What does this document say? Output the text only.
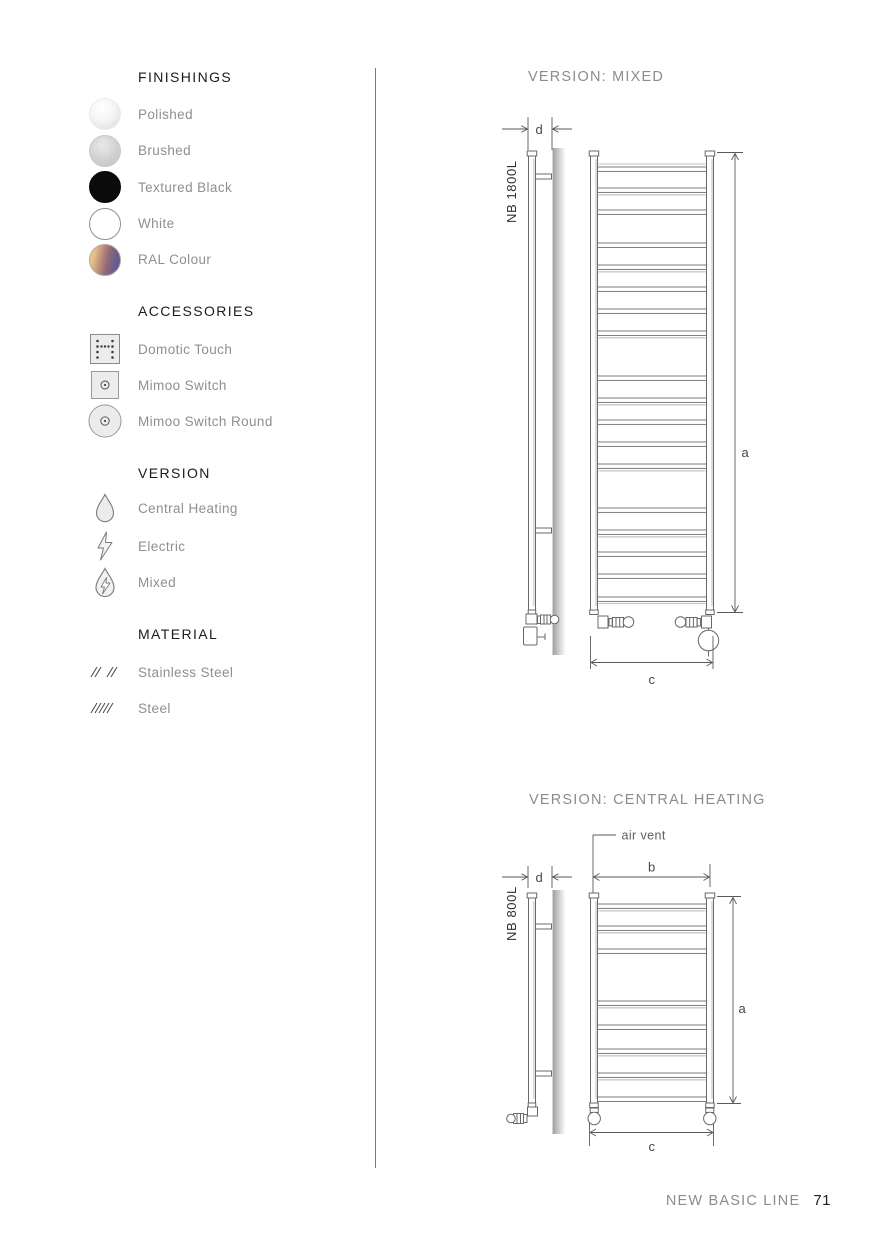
FINISHINGS
Polished
Brushed
Textured Black
White
RAL Colour
ACCESSORIES
Domotic Touch
Mimoo Switch
Mimoo Switch Round
VERSION
Central Heating
Electric
Mixed
MATERIAL
Stainless Steel
Steel
VERSION: MIXED
d
NB 1800L
a
c
VERSION: CENTRAL HEATING
air vent
b
d
NB 800L
a
c
NEW BASIC LINE 71
